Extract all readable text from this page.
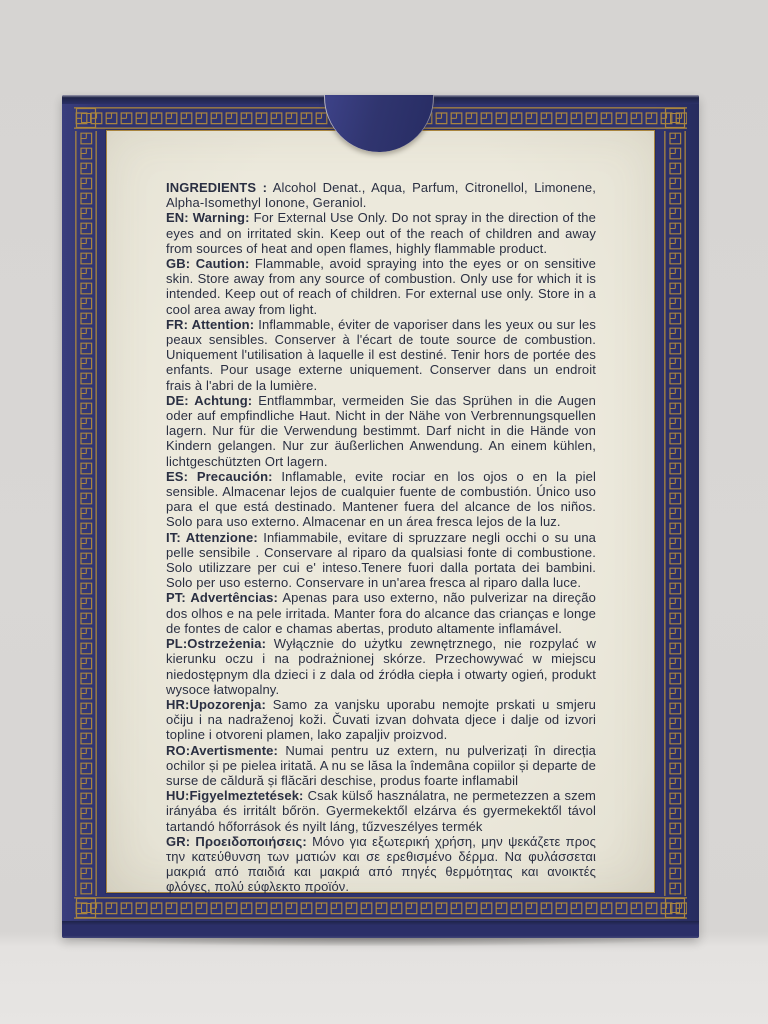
INGREDIENTS : Alcohol Denat., Aqua, Parfum, Citronellol, Limonene, Alpha-Isomethyl Ionone, Geraniol.

EN: Warning: For External Use Only. Do not spray in the direction of the eyes and on irritated skin. Keep out of the reach of children and away from sources of heat and open flames, highly flammable product.

GB: Caution: Flammable, avoid spraying into the eyes or on sensitive skin. Store away from any source of combustion. Only use for which it is intended. Keep out of reach of children. For external use only. Store in a cool area away from light.

FR: Attention: Inflammable, éviter de vaporiser dans les yeux ou sur les peaux sensibles. Conserver à l'écart de toute source de combustion. Uniquement l'utilisation à laquelle il est destiné. Tenir hors de portée des enfants. Pour usage externe uniquement. Conserver dans un endroit frais à l'abri de la lumière.

DE: Achtung: Entflammbar, vermeiden Sie das Sprühen in die Augen oder auf empfindliche Haut. Nicht in der Nähe von Verbrennungsquellen lagern. Nur für die Verwendung bestimmt. Darf nicht in die Hände von Kindern gelangen. Nur zur äußerlichen Anwendung. An einem kühlen, lichtgeschützten Ort lagern.

ES: Precaución: Inflamable, evite rociar en los ojos o en la piel sensible. Almacenar lejos de cualquier fuente de combustión. Único uso para el que está destinado. Mantener fuera del alcance de los niños. Solo para uso externo. Almacenar en un área fresca lejos de la luz.

IT: Attenzione: Infiammabile, evitare di spruzzare negli occhi o su una pelle sensibile . Conservare al riparo da qualsiasi fonte di combustione. Solo utilizzare per cui e' inteso.Tenere fuori dalla portata dei bambini. Solo per uso esterno. Conservare in un'area fresca al riparo dalla luce.

PT: Advertências: Apenas para uso externo, não pulverizar na direção dos olhos e na pele irritada. Manter fora do alcance das crianças e longe de fontes de calor e chamas abertas, produto altamente inflamável.

PL:Ostrzeżenia: Wyłącznie do użytku zewnętrznego, nie rozpylać w kierunku oczu i na podrażnionej skórze. Przechowywać w miejscu niedostępnym dla dzieci i z dala od źródła ciepła i otwarty ogień, produkt wysoce łatwopalny.

HR:Upozorenja: Samo za vanjsku uporabu nemojte prskati u smjeru očiju i na nadraženoj koži. Čuvati izvan dohvata djece i dalje od izvori topline i otvoreni plamen, lako zapaljiv proizvod.

RO:Avertismente: Numai pentru uz extern, nu pulverizați în direcția ochilor și pe pielea iritată. A nu se lăsa la îndemâna copiilor și departe de surse de căldură și flăcări deschise, produs foarte inflamabil

HU:Figyelmeztetések: Csak külső használatra, ne permetezzen a szem irányába és irritált bőrön. Gyermekektől elzárva és gyermekektől távol tartandó hőforrások és nyilt láng, tűzveszélyes termék

GR: Προειδοποιήσεις: Μόνο για εξωτερική χρήση, μην ψεκάζετε προς την κατεύθυνση των ματιών και σε ερεθισμένο δέρμα. Να φυλάσσεται μακριά από παιδιά και μακριά από πηγές θερμότητας και ανοικτές φλόγες, πολύ εύφλεκτο προϊόν.
